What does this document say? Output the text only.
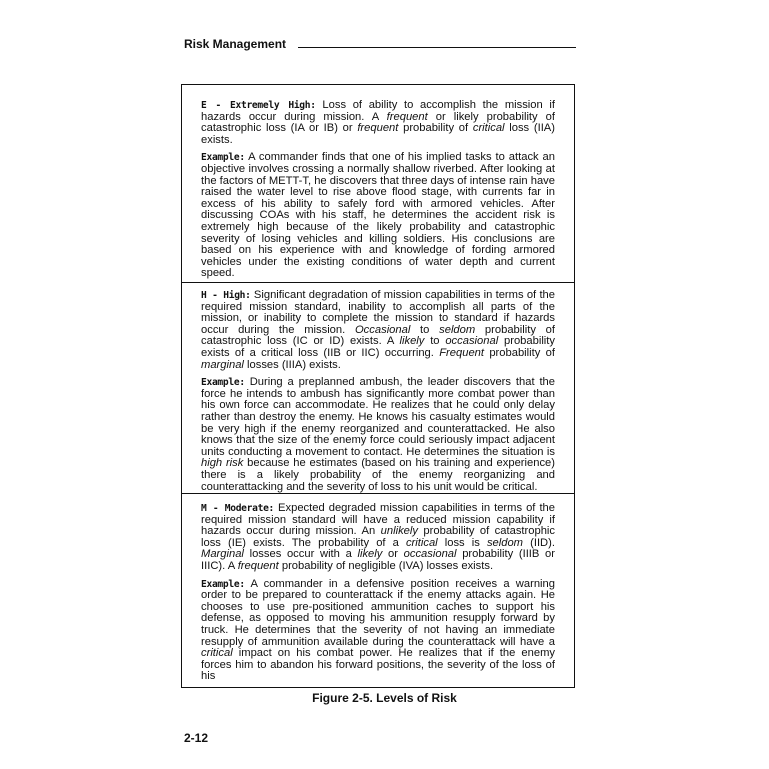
Risk Management

E - Extremely High: Loss of ability to accomplish the mission if hazards occur during mission. A frequent or likely probability of catastrophic loss (IA or IB) or frequent probability of critical loss (IIA) exists.

Example: A commander finds that one of his implied tasks to attack an objective involves crossing a normally shallow riverbed. After looking at the factors of METT-T, he discovers that three days of intense rain have raised the water level to rise above flood stage, with currents far in excess of his ability to safely ford with armored vehicles. After discussing COAs with his staff, he determines the accident risk is extremely high because of the likely probability and catastrophic severity of losing vehicles and killing soldiers. His conclusions are based on his experience with and knowledge of fording armored vehicles under the existing conditions of water depth and current speed.

H - High: Significant degradation of mission capabilities in terms of the required mission standard, inability to accomplish all parts of the mission, or inability to complete the mission to standard if hazards occur during the mission. Occasional to seldom probability of catastrophic loss (IC or ID) exists. A likely to occasional probability exists of a critical loss (IIB or IIC) occurring. Frequent probability of marginal losses (IIIA) exists.

Example: During a preplanned ambush, the leader discovers that the force he intends to ambush has significantly more combat power than his own force can accommodate. He realizes that he could only delay rather than destroy the enemy. He knows his casualty estimates would be very high if the enemy reorganized and counterattacked. He also knows that the size of the enemy force could seriously impact adjacent units conducting a movement to contact. He determines the situation is high risk because he estimates (based on his training and experience) there is a likely probability of the enemy reorganizing and counterattacking and the severity of loss to his unit would be critical.

M - Moderate: Expected degraded mission capabilities in terms of the required mission standard will have a reduced mission capability if hazards occur during mission. An unlikely probability of catastrophic loss (IE) exists. The probability of a critical loss is seldom (IID). Marginal losses occur with a likely or occasional probability (IIIB or IIIC). A frequent probability of negligible (IVA) losses exists.

Example: A commander in a defensive position receives a warning order to be prepared to counterattack if the enemy attacks again. He chooses to use pre-positioned ammunition caches to support his defense, as opposed to moving his ammunition resupply forward by truck. He determines that the severity of not having an immediate resupply of ammunition available during the counterattack will have a critical impact on his combat power. He realizes that if the enemy forces him to abandon his forward positions, the severity of the loss of his

Figure 2-5. Levels of Risk
2-12
